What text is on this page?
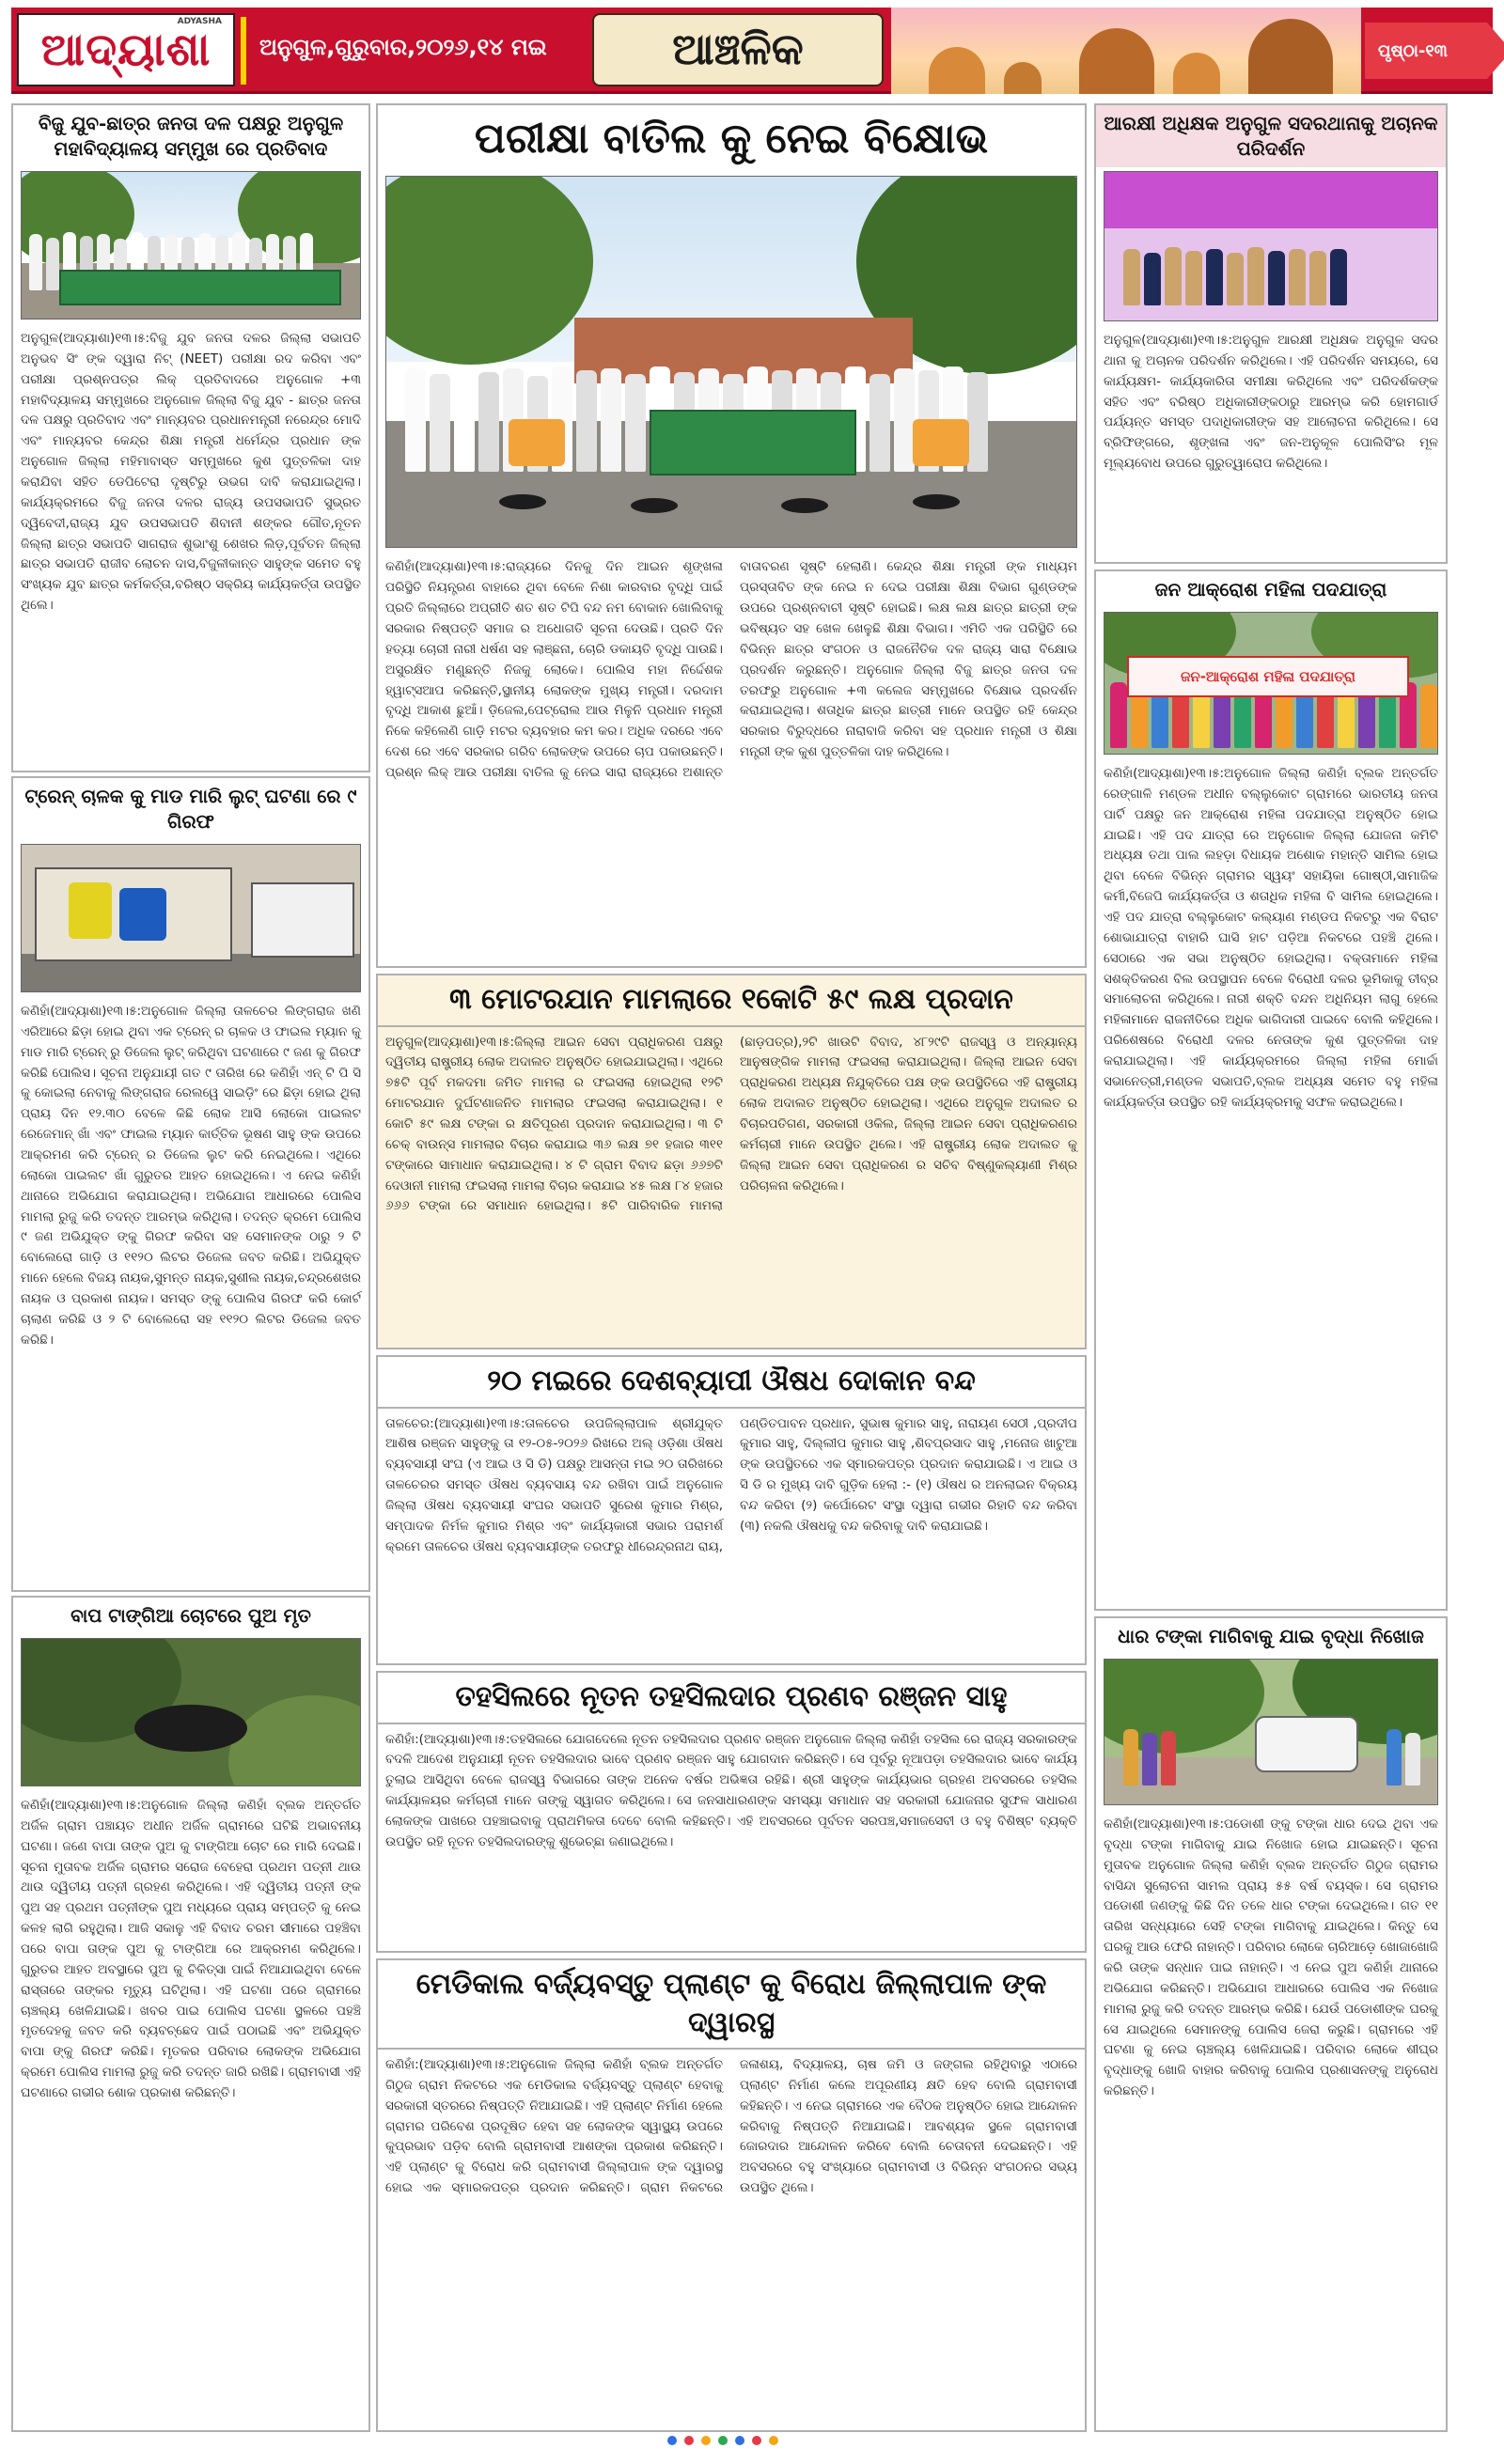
ଆଦ୍ୟାଶା
ADYASHA
ଅନୁଗୁଳ,ଗୁରୁବାର,୨୦୨୬,୧୪ ମଇ	ଆଞ୍ଚଳିକ	ପୃଷ୍ଠା-୧୩
ବିଜୁ ଯୁବ-ଛାତ୍ର ଜନତା ଦଳ ପକ୍ଷରୁ ଅନୁଗୁଳ ମହାବିଦ୍ୟାଳୟ ସମ୍ମୁଖ ରେ ପ୍ରତିବାଦ

ଅନୁଗୁଳ(ଆଦ୍ୟାଶା)୧୩।୫:ବିଜୁ ଯୁବ ଜନତା ଦଳର ଜିଲ୍ଲା ସଭାପତି ଅନୁଭବ ସିଂ ଙ୍କ ଦ୍ୱାରା ନିଟ୍ (NEET) ପରୀକ୍ଷା ରଦ କରିବା ଏବଂ ପରୀକ୍ଷା ପ୍ରଶ୍ନପତ୍ର ଲିକ୍ ପ୍ରତିବାଦରେ ଅନୁଗୋଳ +୩ ମହାବିଦ୍ୟାଳୟ ସମ୍ମୁଖରେ ଅନୁଗୋଳ ଜିଲ୍ଲା ବିଜୁ ଯୁବ - ଛାତ୍ର ଜନତା ଦଳ ପକ୍ଷରୁ ପ୍ରତିବାଦ ଏବଂ ମାନ୍ୟବର ପ୍ରଧାନମନ୍ତ୍ରୀ ନରେନ୍ଦ୍ର ମୋଦି ଏବଂ ମାନ୍ୟବର କେନ୍ଦ୍ର ଶିକ୍ଷା ମନ୍ତ୍ରୀ ଧର୍ମେନ୍ଦ୍ର ପ୍ରଧାନ ଙ୍କ ଅନୁଗୋଳ ଜିଲ୍ଲା ମହିମାବାସ୍ତ ସମ୍ମୁଖରେ କୁଶ ପୁତ୍ତଳିକା ଦାହ କରାଯିବା ସହିତ ଡେପିଟେରା ଦୃଷ୍ଟିରୁ ଉଭଗ ଦାବି କରାଯାଇଥିଲା। କାର୍ଯ୍ୟକ୍ରମରେ ବିଜୁ ଜନତା ଦଳର ରାଜ୍ୟ ଉପସଭାପତି ସୁଭ୍ରତ ଦ୍ୱିବେଦୀ,ରାଜ୍ୟ ଯୁବ ଉପସଭାପତି ଶିବାନୀ ଶଙ୍କର ଗୌତ,ନୂତନ ଜିଲ୍ଲା ଛାତ୍ର ସଭାପତି ସାଗରାଜ ଶୁଭାଂଶୁ ଶେଖର ଲିଡ଼,ପୂର୍ବତନ ଜିଲ୍ଲା ଛାତ୍ର ସଭାପତି ରାଜୀବ ଲୋଚନ ଦାସ,ବିଜୁଳୀକାନ୍ତ ସାହୁଙ୍କ ସମେତ ବହୁ ସଂଖ୍ୟକ ଯୁବ ଛାତ୍ର କର୍ମକର୍ତ୍ତା,ବରିଷ୍ଠ ସକ୍ରିୟ କାର୍ଯ୍ୟକର୍ତ୍ତା ଉପସ୍ଥିତ ଥିଲେ।

ଟ୍ରେନ୍ ଚାଳକ କୁ ମାଡ ମାରି ଲୁଟ୍ ଘଟଣା ରେ ୯ ଗିରଫ

କଣିହାଁ(ଆଦ୍ୟାଶା)୧୩।୫:ଅନୁଗୋଳ ଜିଲ୍ଲା ତାଳଚେର ଲିଙ୍ଗରାଜ ଖଣି ଏରିଆରେ ଛିଡ଼ା ହୋଇ ଥିବା ଏକ ଟ୍ରେନ୍ ର ଚାଳକ ଓ ଫାଇଲ ମ୍ୟାନ କୁ ମାଡ ମାରି ଟ୍ରେନ୍ ରୁ ଡିଜେଲ ଲୁଟ୍ କରିଥିବା ଘଟଣାରେ ୯ ଜଣ କୁ ଗିରଫ କରିଛି ପୋଲିସ। ସୂଚନା ଅନୁଯାୟୀ ଗତ ୯ ତାରିଖ ରେ କଣିହାଁ ଏନ୍ ଟି ପି ସି କୁ କୋଇଲା ନେବାକୁ ଲିଙ୍ଗରାଜ ରେଲୱେ ସାଇଡ଼ିଂ ରେ ଛିଡ଼ା ହୋଇ ଥିଲା ପ୍ରାୟ ଦିନ ୧୨.୩୦ ବେଳେ କିଛି ଲୋକ ଆସି ଲୋକୋ ପାଇଲଟ ରେଜେମାନ୍ ଖାଁ ଏବଂ ଫାଇଲ ମ୍ୟାନ କାର୍ତ୍ତିକ ଭୂଷଣ ସାହୁ ଙ୍କ ଉପରେ ଆକ୍ରମଣ କରି ଟ୍ରେନ୍ ର ଡିଜେଲ ଲୁଟ କରି ନେଇଥିଲେ। ଏଥିରେ ଲୋକୋ ପାଇଲଟ ଖାଁ ଗୁରୁତର ଆହତ ହୋଇଥିଲେ। ଏ ନେଇ କଣିହାଁ ଥାନାରେ ଅଭିଯୋଗ କରାଯାଇଥିଲା। ଅଭିଯୋଗ ଆଧାରରେ ପୋଲିସ ମାମଲା ରୁଜୁ କରି ତଦନ୍ତ ଆରମ୍ଭ କରିଥିଲା। ତଦନ୍ତ କ୍ରମେ ପୋଲିସ ୯ ଜଣ ଅଭିଯୁକ୍ତ ଙ୍କୁ ଗିରଫ କରିବା ସହ ସେମାନଙ୍କ ଠାରୁ ୨ ଟି ବୋଲେରୋ ଗାଡ଼ି ଓ ୧୧୨୦ ଲିଟର ଡିଜେଲ ଜବତ କରିଛି। ଅଭିଯୁକ୍ତ ମାନେ ହେଲେ ବିଜୟ ନାୟକ,ସୁମନ୍ତ ନାୟକ,ସୁଶୀଲ ନାୟକ,ଚନ୍ଦ୍ରଶେଖର ନାୟକ ଓ ପ୍ରକାଶ ନାୟକ। ସମସ୍ତ ଙ୍କୁ ପୋଲିସ ଗିରଫ କରି କୋର୍ଟ ଚାଲାଣ କରିଛି ଓ ୨ ଟି ବୋଲେରୋ ସହ ୧୧୨୦ ଲିଟର ଡିଜେଲ ଜବତ କରିଛି।

ବାପ ଟାଙ୍ଗିଆ ଚୋଟରେ ପୁଅ ମୃତ

କଣିହାଁ(ଆଦ୍ୟାଶା)୧୩।୫:ଅନୁଗୋଳ ଜିଲ୍ଲା କଣିହାଁ ବ୍ଲକ ଅନ୍ତର୍ଗତ ଅର୍ଜିଳ ଗ୍ରାମ ପଞ୍ଚାୟତ ଅଧୀନ ଅର୍ଜିଳ ଗ୍ରାମରେ ଘଟିଛି ଅଭାବନୀୟ ଘଟଣା। ଜଣେ ବାପା ତାଙ୍କ ପୁଅ କୁ ଟାଙ୍ଗିଆ ଚୋଟ ରେ ମାରି ଦେଇଛି। ସୂଚନା ମୁତାବକ ଅର୍ଜିଳ ଗ୍ରାମର ସରୋଜ ବେହେରା ପ୍ରଥମ ପତ୍ନୀ ଥାଉ ଥାଉ ଦ୍ୱିତୀୟ ପତ୍ନୀ ଗ୍ରହଣ କରିଥିଲେ। ଏହି ଦ୍ୱିତୀୟ ପତ୍ନୀ ଙ୍କ ପୁଅ ସହ ପ୍ରଥମ ପତ୍ନୀଙ୍କ ପୁଅ ମଧ୍ୟରେ ପ୍ରାୟ ସମ୍ପତ୍ତି କୁ ନେଇ କଳହ ଲାଗି ରହୁଥିଲା। ଆଜି ସକାଳୁ ଏହି ବିବାଦ ଚରମ ସୀମାରେ ପହଞ୍ଚିବା ପରେ ବାପା ତାଙ୍କ ପୁଅ କୁ ଟାଙ୍ଗିଆ ରେ ଆକ୍ରମଣ କରିଥିଲେ। ଗୁରୁତର ଆହତ ଅବସ୍ଥାରେ ପୁଅ କୁ ଚିକିତ୍ସା ପାଇଁ ନିଆଯାଇଥିବା ବେଳେ ରାସ୍ତାରେ ତାଙ୍କର ମୃତ୍ୟୁ ଘଟିଥିଲା। ଏହି ଘଟଣା ପରେ ଗ୍ରାମରେ ଚାଞ୍ଚଲ୍ୟ ଖେଳିଯାଇଛି। ଖବର ପାଇ ପୋଲିସ ଘଟଣା ସ୍ଥଳରେ ପହଞ୍ଚି ମୃତଦେହକୁ ଜବତ କରି ବ୍ୟବଚ୍ଛେଦ ପାଇଁ ପଠାଇଛି ଏବଂ ଅଭିଯୁକ୍ତ ବାପା ଙ୍କୁ ଗିରଫ କରିଛି। ମୃତକର ପରିବାର ଲୋକଙ୍କ ଅଭିଯୋଗ କ୍ରମେ ପୋଲିସ ମାମଲା ରୁଜୁ କରି ତଦନ୍ତ ଜାରି ରଖିଛି। ଗ୍ରାମବାସୀ ଏହି ଘଟଣାରେ ଗଭୀର ଶୋକ ପ୍ରକାଶ କରିଛନ୍ତି।

ପରୀକ୍ଷା ବାତିଲ କୁ ନେଇ ବିକ୍ଷୋଭ

କଣିହାଁ(ଆଦ୍ୟାଶା)୧୩।୫:ରାଜ୍ୟରେ ଦିନକୁ ଦିନ ଆଇନ ଶୃଙ୍ଖଳା ପରିସ୍ଥିତି ନିୟନ୍ତ୍ରଣ ବାହାରେ ଥିବା ବେଳେ ନିଶା କାରବାର ବୃଦ୍ଧି ପାଇଁ ପ୍ରତି ଜିଲ୍ଲାରେ ଅପ୍ରୀତି ଶତ ଶତ ଟିପି ବନ୍ଦ ନମ ବୋକାନ ଖୋଲିବାକୁ ସରକାର ନିଷ୍ପତ୍ତି ସମାଜ ର ଅଧୋଗତି ସୂଚନା ଦେଉଛି। ପ୍ରତି ଦିନ ହତ୍ୟା ଚୋରୀ ନାରୀ ଧର୍ଷଣ ସହ ଲାଞ୍ଛନା, ଚୋରି ଡକାୟତି ବୃଦ୍ଧି ପାଉଛି। ଅସୁରକ୍ଷିତ ମଣୁଛନ୍ତି ନିଜକୁ ଲୋକେ। ପୋଲିସ ମହା ନିର୍ଦ୍ଦେଶକ ହ୍ୱାଟ୍ସଆପ କରିଛନ୍ତି,ସ୍ଥାନୀୟ ଲୋକଙ୍କ ମୁଖ୍ୟ ମନ୍ତ୍ରୀ। ଦରଦାମ ବୃଦ୍ଧି ଆକାଶ ଛୁଆଁ। ଡ଼ିଜେଲ,ପେଟ୍ରୋଲ ଆଉ ମିଳୁନି ପ୍ରଧାନ ମନ୍ତ୍ରୀ ନିକେ କହିଲେଣି ଗାଡ଼ି ମଟର ବ୍ୟବହାର କମ କର। ଅଧିକ ଦରରେ ଏବେ ଦେଶ ରେ ଏବେ ସରକାର ଗରିବ ଲୋକଙ୍କ ଉପରେ ଚାପ ପକାଉଛନ୍ତି। ପ୍ରଶ୍ନ ଲିକ୍ ଆଉ ପରୀକ୍ଷା ବାତିଲ କୁ ନେଇ ସାରା ରାଜ୍ୟରେ ଅଶାନ୍ତ ବାତାବରଣ ସୃଷ୍ଟି ହେଲାଣି। କେନ୍ଦ୍ର ଶିକ୍ଷା ମନ୍ତ୍ରୀ ଙ୍କ ମାଧ୍ୟମ ପ୍ରସ୍ତାବିତ ଙ୍କ ନେଇ ନ ଦେଇ ପରୀକ୍ଷା ଶିକ୍ଷା ବିଭାଗ ଗୁଣ୍ଡଙ୍କ ଉପରେ ପ୍ରଶ୍ନବାଚୀ ସୃଷ୍ଟି ହୋଇଛି। ଲକ୍ଷ ଲକ୍ଷ ଛାତ୍ର ଛାତ୍ରୀ ଙ୍କ ଭବିଷ୍ୟତ ସହ ଖେଳ ଖେଳୁଛି ଶିକ୍ଷା ବିଭାଗ। ଏମିତି ଏକ ପରିସ୍ଥିତି ରେ ବିଭିନ୍ନ ଛାତ୍ର ସଂଗଠନ ଓ ରାଜନୈତିକ ଦଳ ରାଜ୍ୟ ସାରା ବିକ୍ଷୋଭ ପ୍ରଦର୍ଶନ କରୁଛନ୍ତି। ଅନୁଗୋଳ ଜିଲ୍ଲା ବିଜୁ ଛାତ୍ର ଜନତା ଦଳ ତରଫରୁ ଅନୁଗୋଳ +୩ କଲେଜ ସମ୍ମୁଖରେ ବିକ୍ଷୋଭ ପ୍ରଦର୍ଶନ କରାଯାଇଥିଲା। ଶତାଧିକ ଛାତ୍ର ଛାତ୍ରୀ ମାନେ ଉପସ୍ଥିତ ରହି କେନ୍ଦ୍ର ସରକାର ବିରୁଦ୍ଧରେ ନାରାବାଜି କରିବା ସହ ପ୍ରଧାନ ମନ୍ତ୍ରୀ ଓ ଶିକ୍ଷା ମନ୍ତ୍ରୀ ଙ୍କ କୁଶ ପୁତ୍ତଳିକା ଦାହ କରିଥିଲେ।

୩ ମୋଟରଯାନ ମାମଲାରେ ୧କୋଟି ୫୯ ଲକ୍ଷ ପ୍ରଦାନ

ଅନୁଗୁଳ(ଆଦ୍ୟାଶା)୧୩।୫:ଜିଲ୍ଲା ଆଇନ ସେବା ପ୍ରାଧିକରଣ ପକ୍ଷରୁ ଦ୍ୱିତୀୟ ରାଷ୍ଟ୍ରୀୟ ଲୋକ ଅଦାଲତ ଅନୁଷ୍ଠିତ ହୋଇଯାଇଥିଲା। ଏଥିରେ ୭୫ଟି ପୂର୍ବ ମକଦମା ଜମିତ ମାମଲା ର ଫଇସଲା ହୋଇଥିଲା ୧୨ଟି ମୋଟରଯାନ ଦୁର୍ଘଟଣାଜନିତ ମାମଲାର ଫଇସଲା କରାଯାଇଥିଲା। ୧ କୋଟି ୫୯ ଲକ୍ଷ ଟଙ୍କା ର କ୍ଷତିପୂରଣ ପ୍ରଦାନ କରାଯାଇଥିଲା। ୩ ଟି ଚେକ୍ ବାଉନ୍ସ ମାମଲାର ବିଚାର କରାଯାଇ ୩୬ ଲକ୍ଷ ୭୧ ହଜାର ୩୧୧ ଟଙ୍କାରେ ସାମାଧାନ କରାଯାଇଥିଲା। ୪ ଟି ଗ୍ରାମ ବିବାଦ ଛଡ଼ା ୬୬୭ଟି ଦେଓାନୀ ମାମଲା ଫଇସଲା ମାମଲା ବିଚାର କରାଯାଇ ୪୫ ଲକ୍ଷ ୮୪ ହଜାର ୬୬୬ ଟଙ୍କା ରେ ସମାଧାନ ହୋଇଥିଲା। ୫ଟି ପାରିବାରିକ ମାମଲା (ଛାଡ଼ପତ୍ର),୨ଟି ଖାଉଟି ବିବାଦ, ୪୮୨୯ଟି ରାଜସ୍ୱ ଓ ଅନ୍ୟାନ୍ୟ ଆନୁଷଙ୍ଗିକ ମାମଲା ଫଇସଲା କରାଯାଇଥିଲା। ଜିଲ୍ଲା ଆଇନ ସେବା ପ୍ରାଧିକରଣ ଅଧ୍ୟକ୍ଷ ନିଯୁକ୍ତିରେ ପକ୍ଷ ଙ୍କ ଉପସ୍ଥିତିରେ ଏହି ରାଷ୍ଟ୍ରୀୟ ଲୋକ ଅଦାଲତ ଅନୁଷ୍ଠିତ ହୋଇଥିଲା। ଏଥିରେ ଅନୁଗୁଳ ଅଦାଲତ ର ବିଚାରପତିଗଣ, ସରକାରୀ ଓକିଲ, ଜିଲ୍ଲା ଆଇନ ସେବା ପ୍ରାଧିକରଣର କର୍ମଚାରୀ ମାନେ ଉପସ୍ଥିତ ଥିଲେ। ଏହି ରାଷ୍ଟ୍ରୀୟ ଲୋକ ଅଦାଲତ କୁ ଜିଲ୍ଲା ଆଇନ ସେବା ପ୍ରାଧିକରଣ ର ସଚିବ ବିଷ୍ଣୁକଲ୍ୟାଣୀ ମିଶ୍ର ପରିଚାଳନା କରିଥିଲେ।

୨୦ ମଇରେ ଦେଶବ୍ୟାପୀ ଔଷଧ ଦୋକାନ ବନ୍ଦ

ତାଳଚେର:(ଆଦ୍ୟାଶା)୧୩।୫:ତାଳଚେର ଉପଜିଲ୍ଲାପାଳ ଶ୍ରୀଯୁକ୍ତ ଆଶିଷ ରଞ୍ଜନ ସାହୁଙ୍କୁ ତା ୧୨-୦୫-୨୦୨୬ ରିଖରେ ଅଲ୍ ଓଡ଼ିଶା ଔଷଧ ବ୍ୟବସାୟୀ ସଂଘ (ଏ ଆଇ ଓ ସି ଡି) ପକ୍ଷରୁ ଆସନ୍ତା ମଇ ୨୦ ତାରିଖରେ ତାଳଚେରର ସମସ୍ତ ଔଷଧ ବ୍ୟବସାୟ ବନ୍ଦ ରଖିବା ପାଇଁ ଅନୁଗୋଳ ଜିଲ୍ଲା ଔଷଧ ବ୍ୟବସାୟୀ ସଂଘର ସଭାପତି ସୁରେଶ କୁମାର ମିଶ୍ର, ସମ୍ପାଦକ ନିର୍ମଳ କୁମାର ମିଶ୍ର ଏବଂ କାର୍ଯ୍ୟକାରୀ ସଭାର ପରାମର୍ଶ କ୍ରମେ ତାଳଚେର ଔଷଧ ବ୍ୟବସାୟୀଙ୍କ ତରଫରୁ ଧୀରେନ୍ଦ୍ରନାଥ ରାୟ, ପଣ୍ଡିତପାବନ ପ୍ରଧାନ, ସୁଭାଷ କୁମାର ସାହୁ, ନାରାୟଣ ସେଠୀ ,ପ୍ରଦୀପ କୁମାର ସାହୁ, ଦିଲ୍ଲୀପ କୁମାର ସାହୁ ,ଶିବପ୍ରସାଦ ସାହୁ ,ମନୋଜ ଖାଟୁଆ ଙ୍କ ଉପସ୍ଥିତରେ ଏକ ସ୍ମାରକପତ୍ର ପ୍ରଦାନ କରାଯାଇଛି। ଏ ଆଇ ଓ ସି ଡି ର ମୁଖ୍ୟ ଦାବି ଗୁଡ଼ିକ ହେଲା :- (୧) ଔଷଧ ର ଅନଲାଇନ ବିକ୍ରୟ ବନ୍ଦ କରିବା (୨) କର୍ପୋରେଟ ସଂସ୍ଥା ଦ୍ୱାରା ଗଭୀର ରିହାତି ବନ୍ଦ କରିବା (୩) ନକଲି ଔଷଧକୁ ବନ୍ଦ କରିବାକୁ ଦାବି କରାଯାଇଛି।

ତହସିଲରେ ନୂତନ ତହସିଲଦାର ପ୍ରଣବ ରଞ୍ଜନ ସାହୁ

କଣିହାଁ:(ଆଦ୍ୟାଶା)୧୩।୫:ତହସିଲରେ ଯୋଗଦେଲେ ନୂତନ ତହସିଲଦାର ପ୍ରଣବ ରଞ୍ଜନ ଅନୁଗୋଳ ଜିଲ୍ଲା କଣିହାଁ ତହସିଲ ରେ ରାଜ୍ୟ ସରକାରଙ୍କ ବଦଳି ଆଦେଶ ଅନୁଯାୟୀ ନୂତନ ତହସିଲଦାର ଭାବେ ପ୍ରଣବ ରଞ୍ଜନ ସାହୁ ଯୋଗଦାନ କରିଛନ୍ତି। ସେ ପୂର୍ବରୁ ନୂଆପଡ଼ା ତହସିଲଦାର ଭାବେ କାର୍ଯ୍ୟ ତୁଲାଇ ଆସିଥିବା ବେଳେ ରାଜସ୍ୱ ବିଭାଗରେ ତାଙ୍କ ଅନେକ ବର୍ଷର ଅଭିଜ୍ଞତା ରହିଛି। ଶ୍ରୀ ସାହୁଙ୍କ କାର୍ଯ୍ୟଭାର ଗ୍ରହଣ ଅବସରରେ ତହସିଲ କାର୍ଯ୍ୟାଳୟର କର୍ମଚାରୀ ମାନେ ତାଙ୍କୁ ସ୍ୱାଗତ କରିଥିଲେ। ସେ ଜନସାଧାରଣଙ୍କ ସମସ୍ୟା ସମାଧାନ ସହ ସରକାରୀ ଯୋଜନାର ସୁଫଳ ସାଧାରଣ ଲୋକଙ୍କ ପାଖରେ ପହଞ୍ଚାଇବାକୁ ପ୍ରାଥମିକତା ଦେବେ ବୋଲି କହିଛନ୍ତି। ଏହି ଅବସରରେ ପୂର୍ବତନ ସରପଞ୍ଚ,ସମାଜସେବୀ ଓ ବହୁ ବିଶିଷ୍ଟ ବ୍ୟକ୍ତି ଉପସ୍ଥିତ ରହି ନୂତନ ତହସିଲଦାରଙ୍କୁ ଶୁଭେଚ୍ଛା ଜଣାଇଥିଲେ।

ମେଡିକାଲ ବର୍ଜ୍ୟବସ୍ତୁ ପ୍ଲାଣ୍ଟ କୁ ବିରୋଧ ଜିଲ୍ଲାପାଳ ଙ୍କ ଦ୍ୱାରସ୍ଥ

କଣିହାଁ:(ଆଦ୍ୟାଶା)୧୩।୫:ଅନୁଗୋଳ ଜିଲ୍ଲା କଣିହାଁ ବ୍ଲକ ଅନ୍ତର୍ଗତ ଗିଠୁଜ ଗ୍ରାମ ନିକଟରେ ଏକ ମେଡିକାଲ ବର୍ଜ୍ୟବସ୍ତୁ ପ୍ଲାଣ୍ଟ ହେବାକୁ ସରକାରୀ ସ୍ତରରେ ନିଷ୍ପତ୍ତି ନିଆଯାଇଛି। ଏହି ପ୍ଲାଣ୍ଟ ନିର୍ମାଣ ହେଲେ ଗ୍ରାମର ପରିବେଶ ପ୍ରଦୂଷିତ ହେବା ସହ ଲୋକଙ୍କ ସ୍ୱାସ୍ଥ୍ୟ ଉପରେ କୁପ୍ରଭାବ ପଡ଼ିବ ବୋଲି ଗ୍ରାମବାସୀ ଆଶଙ୍କା ପ୍ରକାଶ କରିଛନ୍ତି। ଏହି ପ୍ଲାଣ୍ଟ କୁ ବିରୋଧ କରି ଗ୍ରାମବାସୀ ଜିଲ୍ଲାପାଳ ଙ୍କ ଦ୍ୱାରସ୍ଥ ହୋଇ ଏକ ସ୍ମାରକପତ୍ର ପ୍ରଦାନ କରିଛନ୍ତି। ଗ୍ରାମ ନିକଟରେ ଜଳାଶୟ, ବିଦ୍ୟାଳୟ, ଚାଷ ଜମି ଓ ଜଙ୍ଗଲ ରହିଥିବାରୁ ଏଠାରେ ପ୍ଲାଣ୍ଟ ନିର୍ମାଣ କଲେ ଅପୂରଣୀୟ କ୍ଷତି ହେବ ବୋଲି ଗ୍ରାମବାସୀ କହିଛନ୍ତି। ଏ ନେଇ ଗ୍ରାମରେ ଏକ ବୈଠକ ଅନୁଷ୍ଠିତ ହୋଇ ଆନ୍ଦୋଳନ କରିବାକୁ ନିଷ୍ପତ୍ତି ନିଆଯାଇଛି। ଆବଶ୍ୟକ ସ୍ଥଳେ ଗ୍ରାମବାସୀ ଜୋରଦାର ଆନ୍ଦୋଳନ କରିବେ ବୋଲି ଚେତାବନୀ ଦେଇଛନ୍ତି। ଏହି ଅବସରରେ ବହୁ ସଂଖ୍ୟାରେ ଗ୍ରାମବାସୀ ଓ ବିଭିନ୍ନ ସଂଗଠନର ସଭ୍ୟ ଉପସ୍ଥିତ ଥିଲେ।

ଆରକ୍ଷୀ ଅଧିକ୍ଷକ ଅନୁଗୁଳ ସଦରଥାନାକୁ ଅଚାନକ ପରିଦର୍ଶନ

ଅନୁଗୁଳ(ଆଦ୍ୟାଶା)୧୩।୫:ଅନୁଗୁଳ ଆରକ୍ଷୀ ଅଧିକ୍ଷକ ଅନୁଗୁଳ ସଦର ଥାନା କୁ ଅଚାନକ ପରିଦର୍ଶନ କରିଥିଲେ। ଏହି ପରିଦର୍ଶନ ସମୟରେ, ସେ କାର୍ଯ୍ୟକ୍ଷମ- କାର୍ଯ୍ୟକାରିତା ସମୀକ୍ଷା କରିଥିଲେ ଏବଂ ପରିଦର୍ଶକଙ୍କ ସହିତ ଏବଂ ବରିଷ୍ଠ ଅଧିକାରୀଙ୍କଠାରୁ ଆରମ୍ଭ କରି ହୋମଗାର୍ଡ ପର୍ଯ୍ୟନ୍ତ ସମସ୍ତ ପଦାଧିକାରୀଙ୍କ ସହ ଆଲୋଚନା କରିଥିଲେ। ସେ ବ୍ରିଫିଙ୍ଗରେ, ଶୃଙ୍ଖଳା ଏବଂ ଜନ-ଅନୁକୂଳ ପୋଲିସିଂର ମୂଳ ମୂଲ୍ୟବୋଧ ଉପରେ ଗୁରୁତ୍ୱାରୋପ କରିଥିଲେ।

ଜନ ଆକ୍ରୋଶ ମହିଳା ପଦଯାତ୍ରା
ଜନ-ଆକ୍ରୋଶ ମହିଳା ପଦଯାତ୍ରା

କଣିହାଁ(ଆଦ୍ୟାଶା)୧୩।୫:ଅନୁଗୋଳ ଜିଲ୍ଲା କଣିହାଁ ବ୍ଲକ ଅନ୍ତର୍ଗତ ରେଙ୍ଗାଳି ମଣ୍ଡଳ ଅଧୀନ ବଲ୍ଲୁକୋଟ ଗ୍ରାମରେ ଭାରତୀୟ ଜନତା ପାର୍ଟି ପକ୍ଷରୁ ଜନ ଆକ୍ରୋଶ ମହିଳା ପଦଯାତ୍ରା ଅନୁଷ୍ଠିତ ହୋଇ ଯାଇଛି। ଏହି ପଦ ଯାତ୍ରା ରେ ଅନୁଗୋଳ ଜିଲ୍ଲା ଯୋଜନା କମିଟି ଅଧ୍ୟକ୍ଷ ତଥା ପାଲ ଲହଡ଼ା ବିଧାୟକ ଅଶୋକ ମହାନ୍ତି ସାମିଲ ହୋଇ ଥିବା ବେଳେ ବିଭିନ୍ନ ଗ୍ରାମର ସ୍ୱୟଂ ସହାୟିକା ଗୋଷ୍ଠୀ,ସାମାଜିକ କର୍ମୀ,ବିଜେପି କାର୍ଯ୍ୟକର୍ତ୍ତା ଓ ଶତାଧିକ ମହିଳା ବି ସାମିଲ ହୋଇଥିଲେ। ଏହି ପଦ ଯାତ୍ରା ବଲ୍ଲୁକୋଟ କଲ୍ୟାଣ ମଣ୍ଡପ ନିକଟରୁ ଏକ ବିରାଟ ଶୋଭାଯାତ୍ରା ବାହାରି ଘାସି ହାଟ ପଡ଼ିଆ ନିକଟରେ ପହଞ୍ଚି ଥିଲେ। ସେଠାରେ ଏକ ସଭା ଅନୁଷ୍ଠିତ ହୋଇଥିଲା। ବକ୍ତାମାନେ ମହିଳା ସଶକ୍ତିକରଣ ବିଲ ଉପସ୍ଥାପନ ବେଳେ ବିରୋଧୀ ଦଳର ଭୂମିକାକୁ ତୀବ୍ର ସମାଲୋଚନା କରିଥିଲେ। ନାରୀ ଶକ୍ତି ବନ୍ଦନ ଅଧିନିୟମ ଲାଗୁ ହେଲେ ମହିଳାମାନେ ରାଜନୀତିରେ ଅଧିକ ଭାଗିଦାରୀ ପାଇବେ ବୋଲି କହିଥିଲେ। ପରିଶେଷରେ ବିରୋଧୀ ଦଳର ନେତାଙ୍କ କୁଶ ପୁତ୍ତଳିକା ଦାହ କରାଯାଇଥିଲା। ଏହି କାର୍ଯ୍ୟକ୍ରମରେ ଜିଲ୍ଲା ମହିଳା ମୋର୍ଚ୍ଚା ସଭାନେତ୍ରୀ,ମଣ୍ଡଳ ସଭାପତି,ବ୍ଲକ ଅଧ୍ୟକ୍ଷ ସମେତ ବହୁ ମହିଳା କାର୍ଯ୍ୟକର୍ତ୍ତା ଉପସ୍ଥିତ ରହି କାର୍ଯ୍ୟକ୍ରମକୁ ସଫଳ କରାଇଥିଲେ।

ଧାର ଟଙ୍କା ମାଗିବାକୁ ଯାଇ ବୃଦ୍ଧା ନିଖୋଜ

କଣିହାଁ(ଆଦ୍ୟାଶା)୧୩।୫:ପଡୋଶୀ ଙ୍କୁ ଟଙ୍କା ଧାର ଦେଇ ଥିବା ଏକ ବୃଦ୍ଧା ଟଙ୍କା ମାଗିବାକୁ ଯାଇ ନିଖୋଜ ହୋଇ ଯାଇଛନ୍ତି। ସୂଚନା ମୁତାବକ ଅନୁଗୋଳ ଜିଲ୍ଲା କଣିହାଁ ବ୍ଲକ ଅନ୍ତର୍ଗତ ଗିଠୁଜ ଗ୍ରାମର ବାସିନ୍ଦା ସୁଲୋଚନା ସାମଲ ପ୍ରାୟ ୫୫ ବର୍ଷ ବୟସ୍କ। ସେ ଗ୍ରାମର ପଡୋଶୀ ଜଣଙ୍କୁ କିଛି ଦିନ ତଳେ ଧାର ଟଙ୍କା ଦେଇଥିଲେ। ଗତ ୧୧ ତାରିଖ ସନ୍ଧ୍ୟାରେ ସେହି ଟଙ୍କା ମାଗିବାକୁ ଯାଇଥିଲେ। କିନ୍ତୁ ସେ ଘରକୁ ଆଉ ଫେରି ନାହାନ୍ତି। ପରିବାର ଲୋକେ ଚାରିଆଡ଼େ ଖୋଜାଖୋଜି କରି ତାଙ୍କ ସନ୍ଧାନ ପାଇ ନାହାନ୍ତି। ଏ ନେଇ ପୁଅ କଣିହାଁ ଥାନାରେ ଅଭିଯୋଗ କରିଛନ୍ତି। ଅଭିଯୋଗ ଆଧାରରେ ପୋଲିସ ଏକ ନିଖୋଜ ମାମଲା ରୁଜୁ କରି ତଦନ୍ତ ଆରମ୍ଭ କରିଛି। ଯେଉଁ ପଡୋଶୀଙ୍କ ଘରକୁ ସେ ଯାଇଥିଲେ ସେମାନଙ୍କୁ ପୋଲିସ ଜେରା କରୁଛି। ଗ୍ରାମରେ ଏହି ଘଟଣା କୁ ନେଇ ଚାଞ୍ଚଲ୍ୟ ଖେଳିଯାଇଛି। ପରିବାର ଲୋକେ ଶୀଘ୍ର ବୃଦ୍ଧାଙ୍କୁ ଖୋଜି ବାହାର କରିବାକୁ ପୋଲିସ ପ୍ରଶାସନଙ୍କୁ ଅନୁରୋଧ କରିଛନ୍ତି।
